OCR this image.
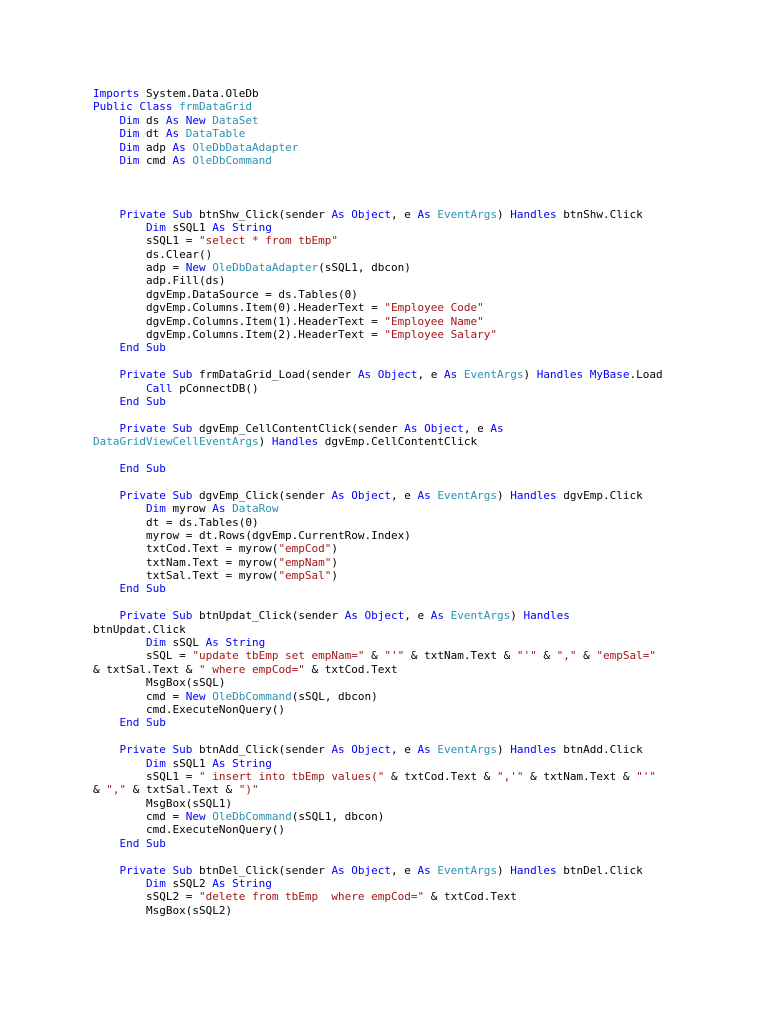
Imports System.Data.OleDb
Public Class frmDataGrid
Dim ds As New DataSet
Dim dt As DataTable
Dim adp As OleDbDataAdapter
Dim cmd As OleDbCommand
Private Sub btnShw_Click(sender As Object, e As EventArgs) Handles btnShw.Click
Dim sSQL1 As String
sSQL1 = "select * from tbEmp"
ds.Clear()
adp = New OleDbDataAdapter(sSQL1, dbcon)
adp.Fill(ds)
dgvEmp.DataSource = ds.Tables(0)
dgvEmp.Columns.Item(0).HeaderText = "Employee Code"
dgvEmp.Columns.Item(1).HeaderText = "Employee Name"
dgvEmp.Columns.Item(2).HeaderText = "Employee Salary"
End Sub
Private Sub frmDataGrid_Load(sender As Object, e As EventArgs) Handles MyBase.Load
Call pConnectDB()
End Sub
Private Sub dgvEmp_CellContentClick(sender As Object, e As
DataGridViewCellEventArgs) Handles dgvEmp.CellContentClick
End Sub
Private Sub dgvEmp_Click(sender As Object, e As EventArgs) Handles dgvEmp.Click
Dim myrow As DataRow
dt = ds.Tables(0)
myrow = dt.Rows(dgvEmp.CurrentRow.Index)
txtCod.Text = myrow("empCod")
txtNam.Text = myrow("empNam")
txtSal.Text = myrow("empSal")
End Sub
Private Sub btnUpdat_Click(sender As Object, e As EventArgs) Handles
btnUpdat.Click
Dim sSQL As String
sSQL = "update tbEmp set empNam=" & "'" & txtNam.Text & "'" & "," & "empSal="
& txtSal.Text & " where empCod=" & txtCod.Text
MsgBox(sSQL)
cmd = New OleDbCommand(sSQL, dbcon)
cmd.ExecuteNonQuery()
End Sub
Private Sub btnAdd_Click(sender As Object, e As EventArgs) Handles btnAdd.Click
Dim sSQL1 As String
sSQL1 = " insert into tbEmp values(" & txtCod.Text & ",'" & txtNam.Text & "'"
& "," & txtSal.Text & ")"
MsgBox(sSQL1)
cmd = New OleDbCommand(sSQL1, dbcon)
cmd.ExecuteNonQuery()
End Sub
Private Sub btnDel_Click(sender As Object, e As EventArgs) Handles btnDel.Click
Dim sSQL2 As String
sSQL2 = "delete from tbEmp  where empCod=" & txtCod.Text
MsgBox(sSQL2)
